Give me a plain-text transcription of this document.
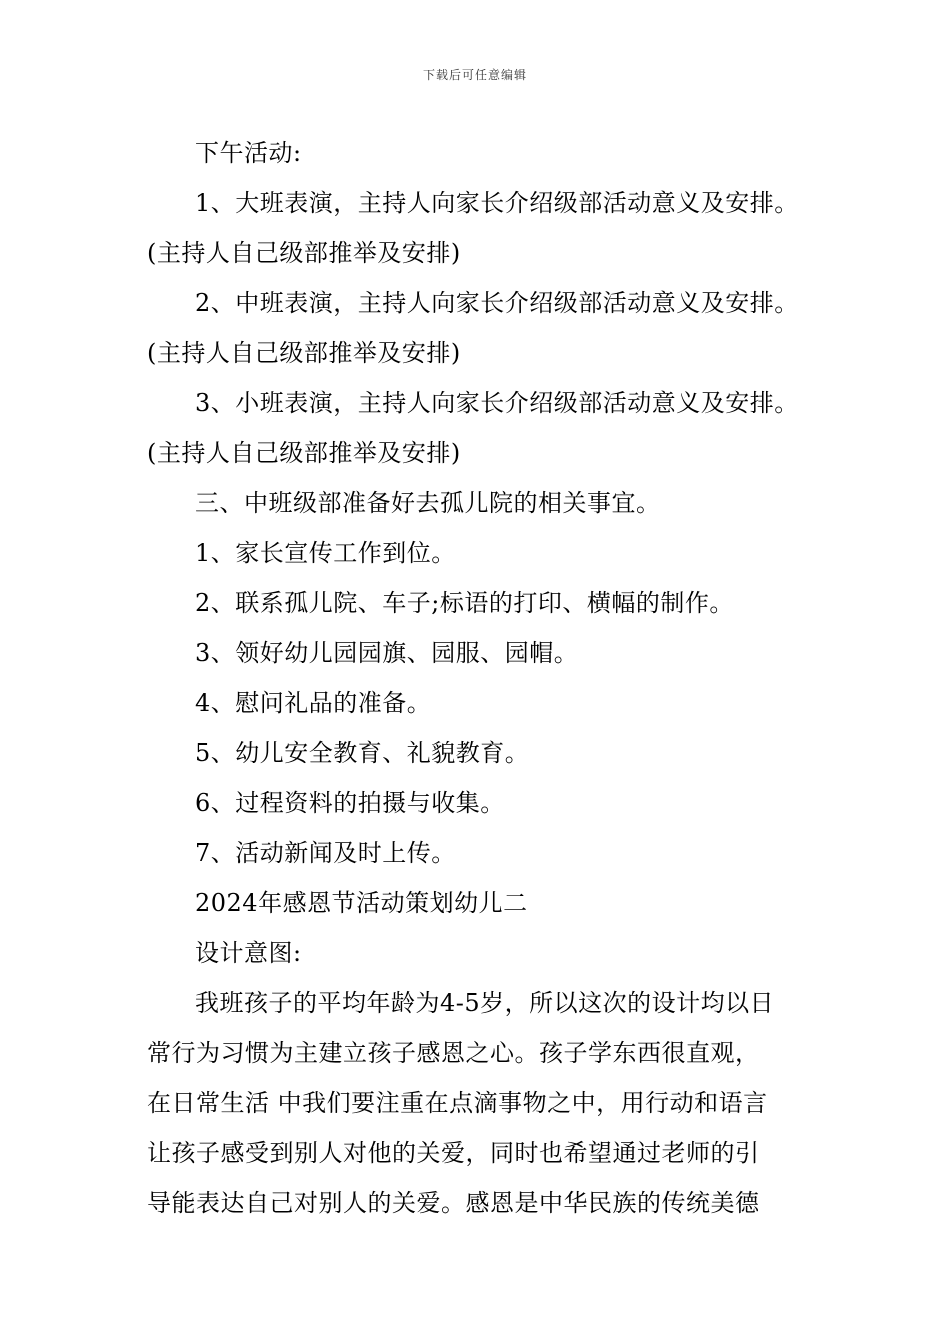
下载后可任意编辑

下午活动:

1、大班表演，主持人向家长介绍级部活动意义及安排。

(主持人自己级部推举及安排)

2、中班表演，主持人向家长介绍级部活动意义及安排。

(主持人自己级部推举及安排)

3、小班表演，主持人向家长介绍级部活动意义及安排。

(主持人自己级部推举及安排)

三、中班级部准备好去孤儿院的相关事宜。

1、家长宣传工作到位。

2、联系孤儿院、车子;标语的打印、横幅的制作。

3、领好幼儿园园旗、园服、园帽。

4、慰问礼品的准备。

5、幼儿安全教育、礼貌教育。

6、过程资料的拍摄与收集。

7、活动新闻及时上传。

2024年感恩节活动策划幼儿二

设计意图:

我班孩子的平均年龄为4-5岁，所以这次的设计均以日

常行为习惯为主建立孩子感恩之心。孩子学东西很直观，

在日常生活 中我们要注重在点滴事物之中，用行动和语言

让孩子感受到别人对他的关爱，同时也希望通过老师的引

导能表达自己对别人的关爱。感恩是中华民族的传统美德
